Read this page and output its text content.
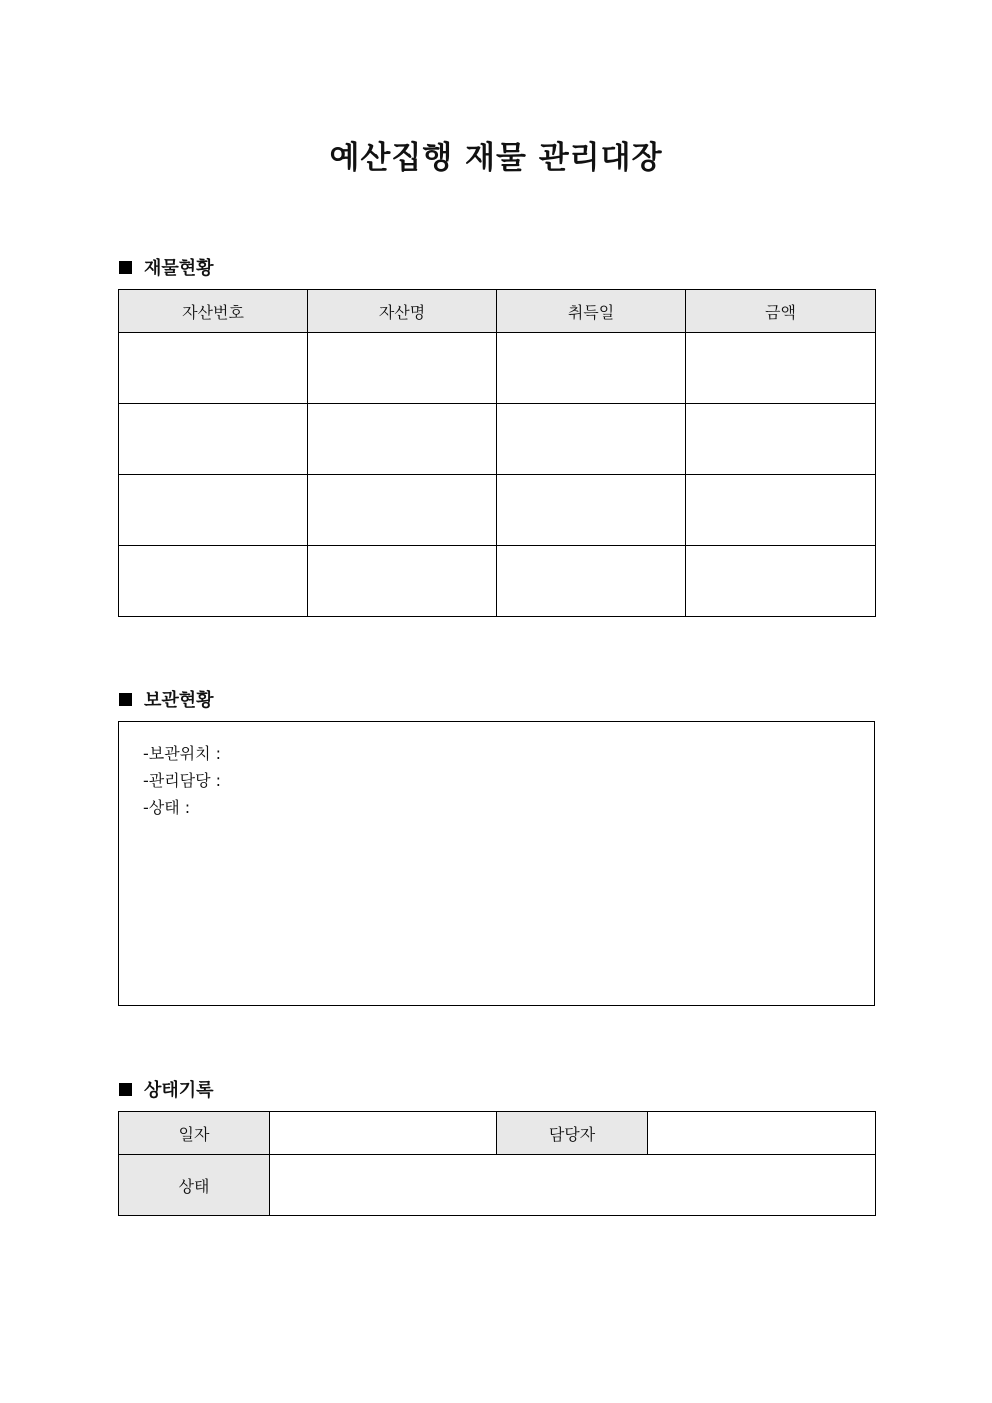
예산집행 재물 관리대장
재물현황
자산번호	자산명	취득일	금액

보관현황
-보관위치 :
-관리담당 :
-상태 :
상태기록
일자		담당자	
상태			
